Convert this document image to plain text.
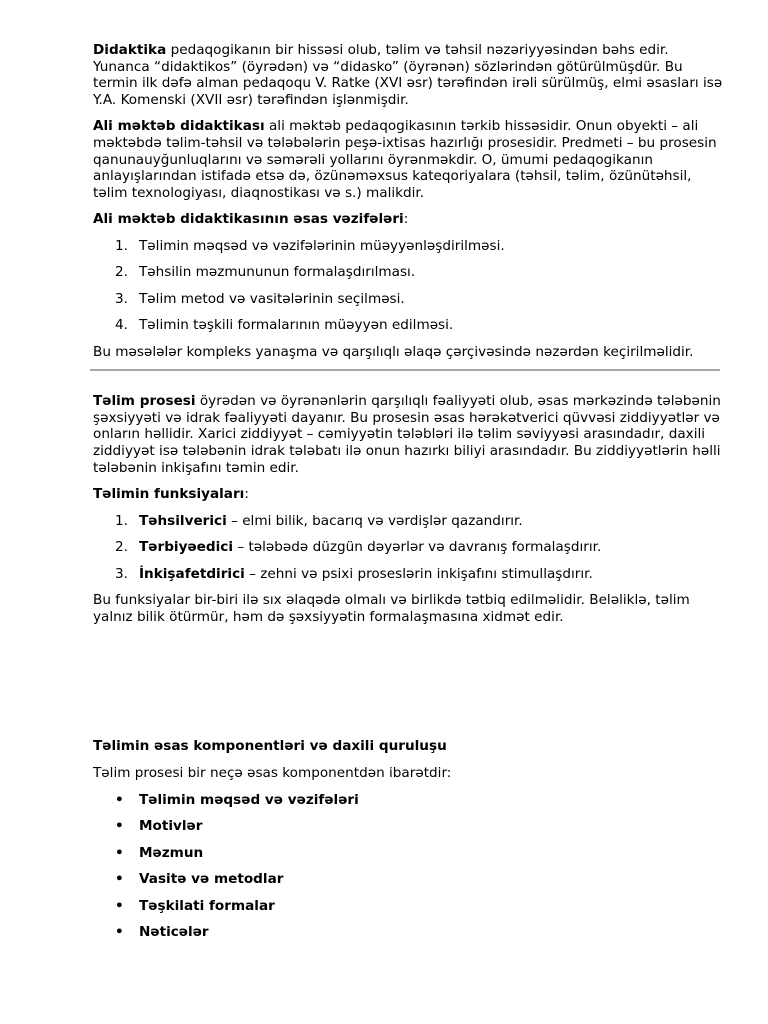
Didaktika pedaqogikanın bir hissəsi olub, təlim və təhsil nəzəriyyəsindən bəhs edir. Yunanca “didaktikos” (öyrədən) və “didasko” (öyrənən) sözlərindən götürülmüşdür. Bu termin ilk dəfə alman pedaqoqu V. Ratke (XVI əsr) tərəfindən irəli sürülmüş, elmi əsasları isə Y.A. Komenski (XVII əsr) tərəfindən işlənmişdir.

Ali məktəb didaktikası ali məktəb pedaqogikasının tərkib hissəsidir. Onun obyekti – ali məktəbdə təlim-təhsil və tələbələrin peşə-ixtisas hazırlığı prosesidir. Predmeti – bu prosesin qanunauyğunluqlarını və səmərəli yollarını öyrənməkdir. O, ümumi pedaqogikanın anlayışlarından istifadə etsə də, özünəməxsus kateqoriyalara (təhsil, təlim, özünütəhsil, təlim texnologiyası, diaqnostikası və s.) malikdir.

Ali məktəb didaktikasının əsas vəzifələri:

1. Təlimin məqsəd və vəzifələrinin müəyyənləşdirilməsi.
2. Təhsilin məzmununun formalaşdırılması.
3. Təlim metod və vasitələrinin seçilməsi.
4. Təlimin təşkili formalarının müəyyən edilməsi.

Bu məsələlər kompleks yanaşma və qarşılıqlı əlaqə çərçivəsində nəzərdən keçirilməlidir.

Təlim prosesi öyrədən və öyrənənlərin qarşılıqlı fəaliyyəti olub, əsas mərkəzində tələbənin şəxsiyyəti və idrak fəaliyyəti dayanır. Bu prosesin əsas hərəkətverici qüvvəsi ziddiyyətlər və onların həllidir. Xarici ziddiyyət – cəmiyyətin tələbləri ilə təlim səviyyəsi arasındadır, daxili ziddiyyət isə tələbənin idrak tələbatı ilə onun hazırkı biliyi arasındadır. Bu ziddiyyətlərin həlli tələbənin inkişafını təmin edir.

Təlimin funksiyaları:

1. Təhsilverici – elmi bilik, bacarıq və vərdişlər qazandırır.
2. Tərbiyəedici – tələbədə düzgün dəyərlər və davranış formalaşdırır.
3. İnkişafetdirici – zehni və psixi proseslərin inkişafını stimullaşdırır.

Bu funksiyalar bir-biri ilə sıx əlaqədə olmalı və birlikdə tətbiq edilməlidir. Beləliklə, təlim yalnız bilik ötürmür, həm də şəxsiyyətin formalaşmasına xidmət edir.

Təlimin əsas komponentləri və daxili quruluşu

Təlim prosesi bir neçə əsas komponentdən ibarətdir:

• Təlimin məqsəd və vəzifələri
• Motivlər
• Məzmun
• Vasitə və metodlar
• Təşkilati formalar
• Nəticələr
